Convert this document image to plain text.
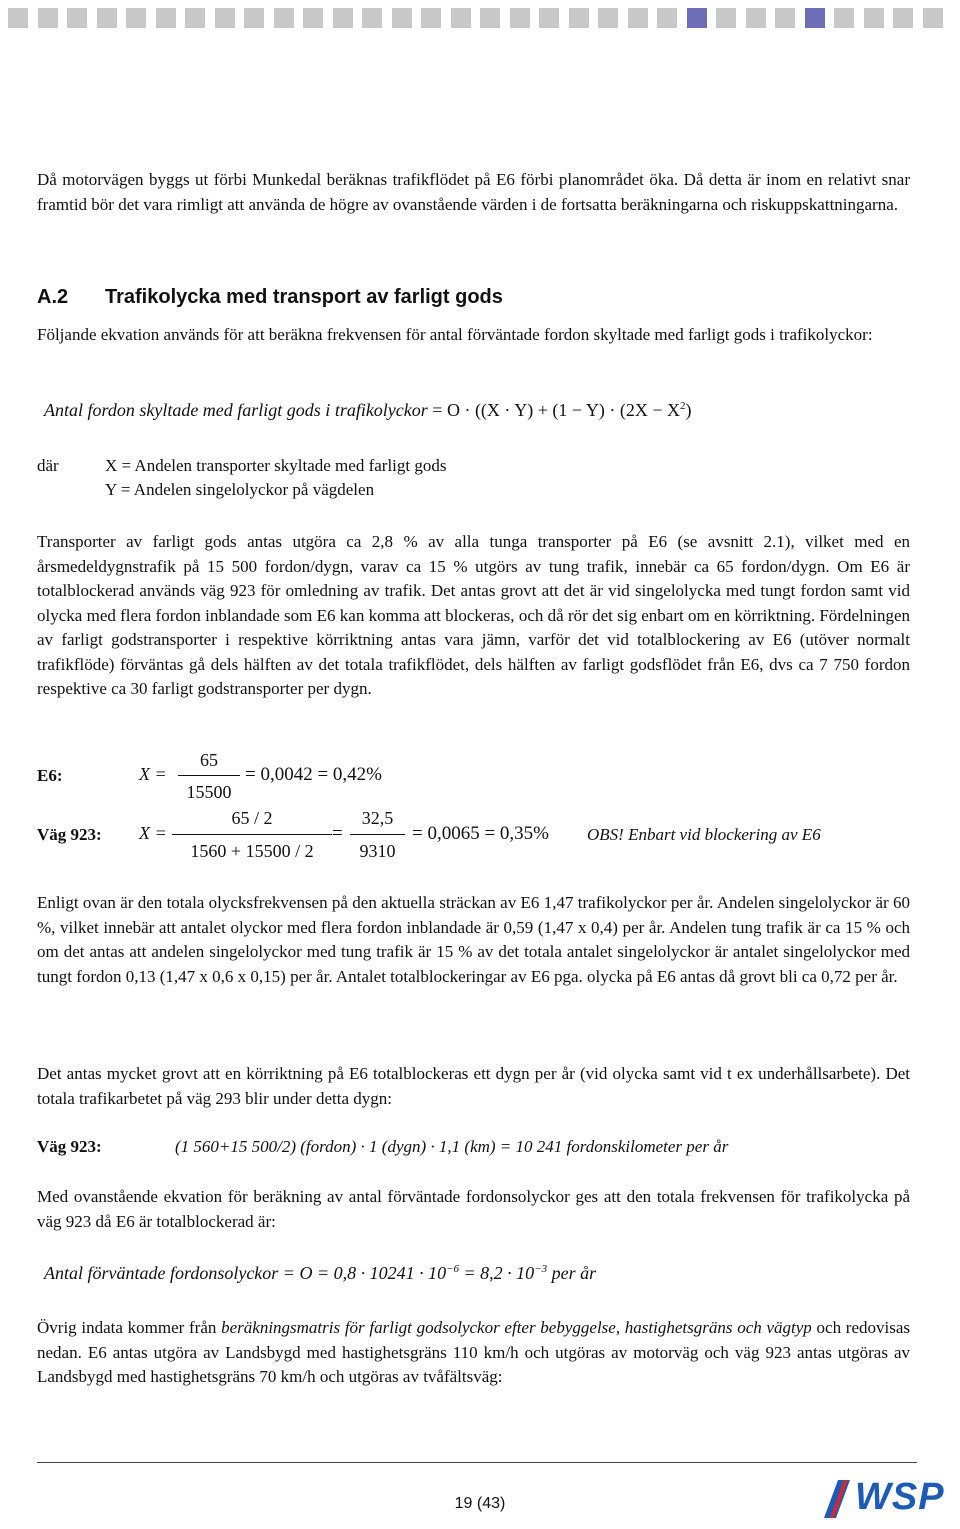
Då motorvägen byggs ut förbi Munkedal beräknas trafikflödet på E6 förbi planområdet öka. Då detta är inom en relativt snar framtid bör det vara rimligt att använda de högre av ovanstående värden i de fortsatta beräkningarna och riskuppskattningarna.

A.2 Trafikolycka med transport av farligt gods

Följande ekvation används för att beräkna frekvensen för antal förväntade fordon skyltade med farligt gods i trafikolyckor:

Antal fordon skyltade med farligt gods i trafikolyckor = $O \cdot ((X \cdot Y) + (1 - Y) \cdot (2X - X^2)$
där	X = Andelen transporter skyltade med farligt gods
Y = Andelen singelolyckor på vägdelen

Transporter av farligt gods antas utgöra ca 2,8 % av alla tunga transporter på E6 (se avsnitt 2.1), vilket med en årsmedeldygnstrafik på 15 500 fordon/dygn, varav ca 15 % utgörs av tung trafik, innebär ca 65 fordon/dygn. Om E6 är totalblockerad används väg 923 för omledning av trafik. Det antas grovt att det är vid singelolycka med tungt fordon samt vid olycka med flera fordon inblandade som E6 kan komma att blockeras, och då rör det sig enbart om en körriktning. Fördelningen av farligt godstransporter i respektive körriktning antas vara jämn, varför det vid totalblockering av E6 (utöver normalt trafikflöde) förväntas gå dels hälften av det totala trafikflödet, dels hälften av farligt godsflödet från E6, dvs ca 7 750 fordon respektive ca 30 farligt godstransporter per dygn.

E6:	X =
65
15500
= 0,0042 = 0,42%
Väg 923: X =
65 / 2
1560 + 15500 / 2
=
32,5
9310
= 0,0065 = 0,35% OBS! Enbart vid blockering av E6

Enligt ovan är den totala olycksfrekvensen på den aktuella sträckan av E6 1,47 trafikolyckor per år. Andelen singelolyckor är 60 %, vilket innebär att antalet olyckor med flera fordon inblandade är 0,59 (1,47 x 0,4) per år. Andelen tung trafik är ca 15 % och om det antas att andelen singelolyckor med tung trafik är 15 % av det totala antalet singelolyckor är antalet singelolyckor med tungt fordon 0,13 (1,47 x 0,6 x 0,15) per år. Antalet totalblockeringar av E6 pga. olycka på E6 antas då grovt bli ca 0,72 per år.

Det antas mycket grovt att en körriktning på E6 totalblockeras ett dygn per år (vid olycka samt vid t ex underhållsarbete). Det totala trafikarbetet på väg 293 blir under detta dygn:

Väg 923:	(1 560+15 500/2) (fordon) · 1 (dygn) · 1,1 (km) = 10 241 fordonskilometer per år

Med ovanstående ekvation för beräkning av antal förväntade fordonsolyckor ges att den totala frekvensen för trafikolycka på väg 923 då E6 är totalblockerad är:

Antal förväntade fordonsolyckor = $O = 0,8 \cdot 10241 \cdot 10^{-6} = 8,2 \cdot 10^{-3}$ per år

Övrig indata kommer från beräkningsmatris för farligt godsolyckor efter bebyggelse, hastighetsgräns och vägtyp och redovisas nedan. E6 antas utgöra av Landsbygd med hastighetsgräns 110 km/h och utgöras av motorväg och väg 923 antas utgöras av Landsbygd med hastighetsgräns 70 km/h och utgöras av tvåfältsväg:

19 (43)	WSP
